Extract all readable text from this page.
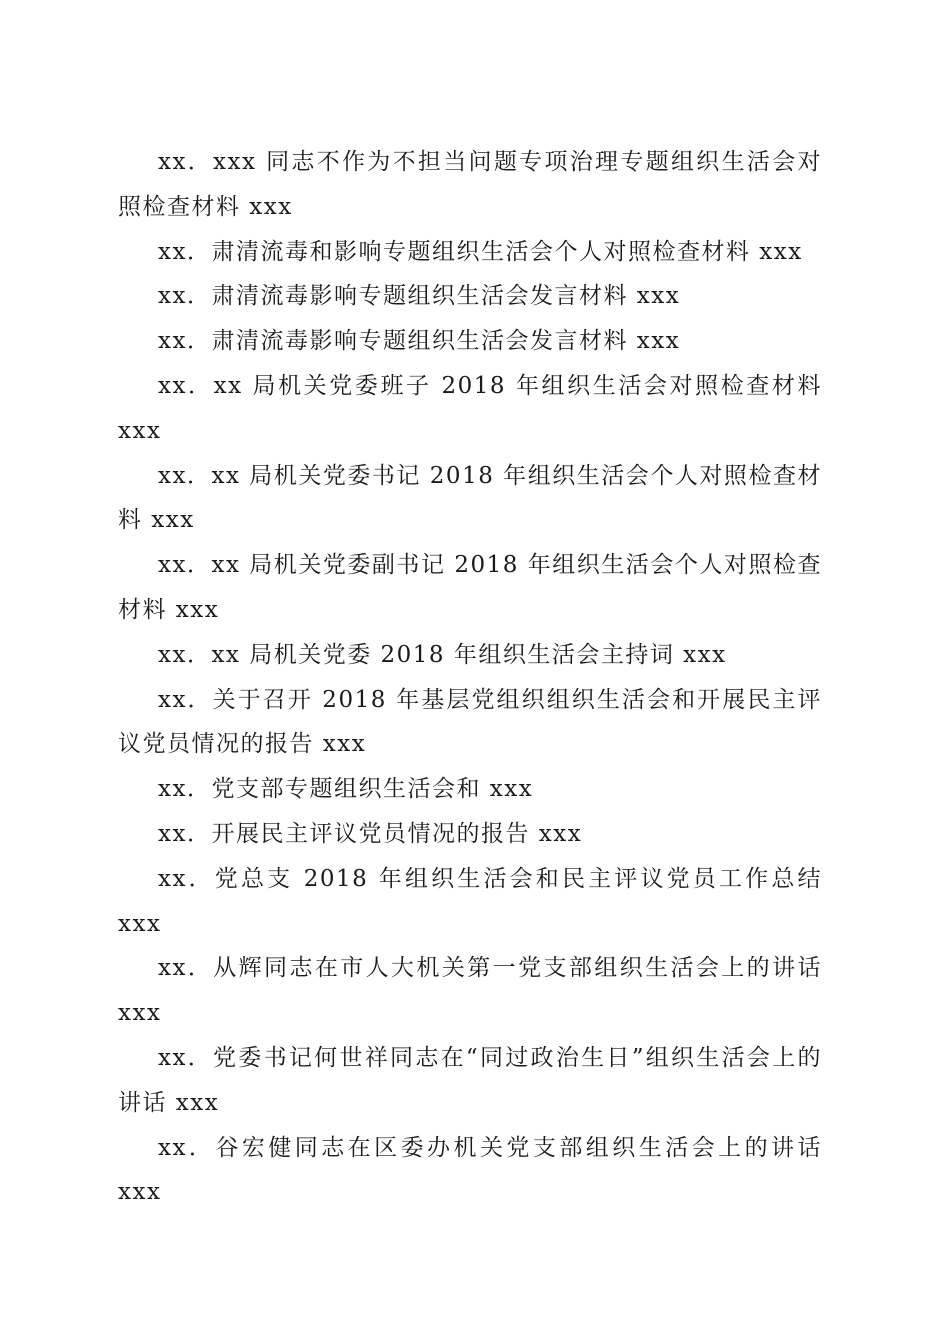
xx．xxx 同志不作为不担当问题专项治理专题组织生活会对照检查材料 xxx

xx．肃清流毒和影响专题组织生活会个人对照检查材料 xxx

xx．肃清流毒影响专题组织生活会发言材料 xxx

xx．肃清流毒影响专题组织生活会发言材料 xxx

xx．xx 局机关党委班子 2018 年组织生活会对照检查材料 xxx

xx．xx 局机关党委书记 2018 年组织生活会个人对照检查材料 xxx

xx．xx 局机关党委副书记 2018 年组织生活会个人对照检查材料 xxx

xx．xx 局机关党委 2018 年组织生活会主持词 xxx

xx．关于召开 2018 年基层党组织组织生活会和开展民主评议党员情况的报告 xxx

xx．党支部专题组织生活会和 xxx

xx．开展民主评议党员情况的报告 xxx

xx．党总支 2018 年组织生活会和民主评议党员工作总结 xxx

xx．从辉同志在市人大机关第一党支部组织生活会上的讲话 xxx

xx．党委书记何世祥同志在“同过政治生日”组织生活会上的讲话 xxx

xx．谷宏健同志在区委办机关党支部组织生活会上的讲话 xxx
